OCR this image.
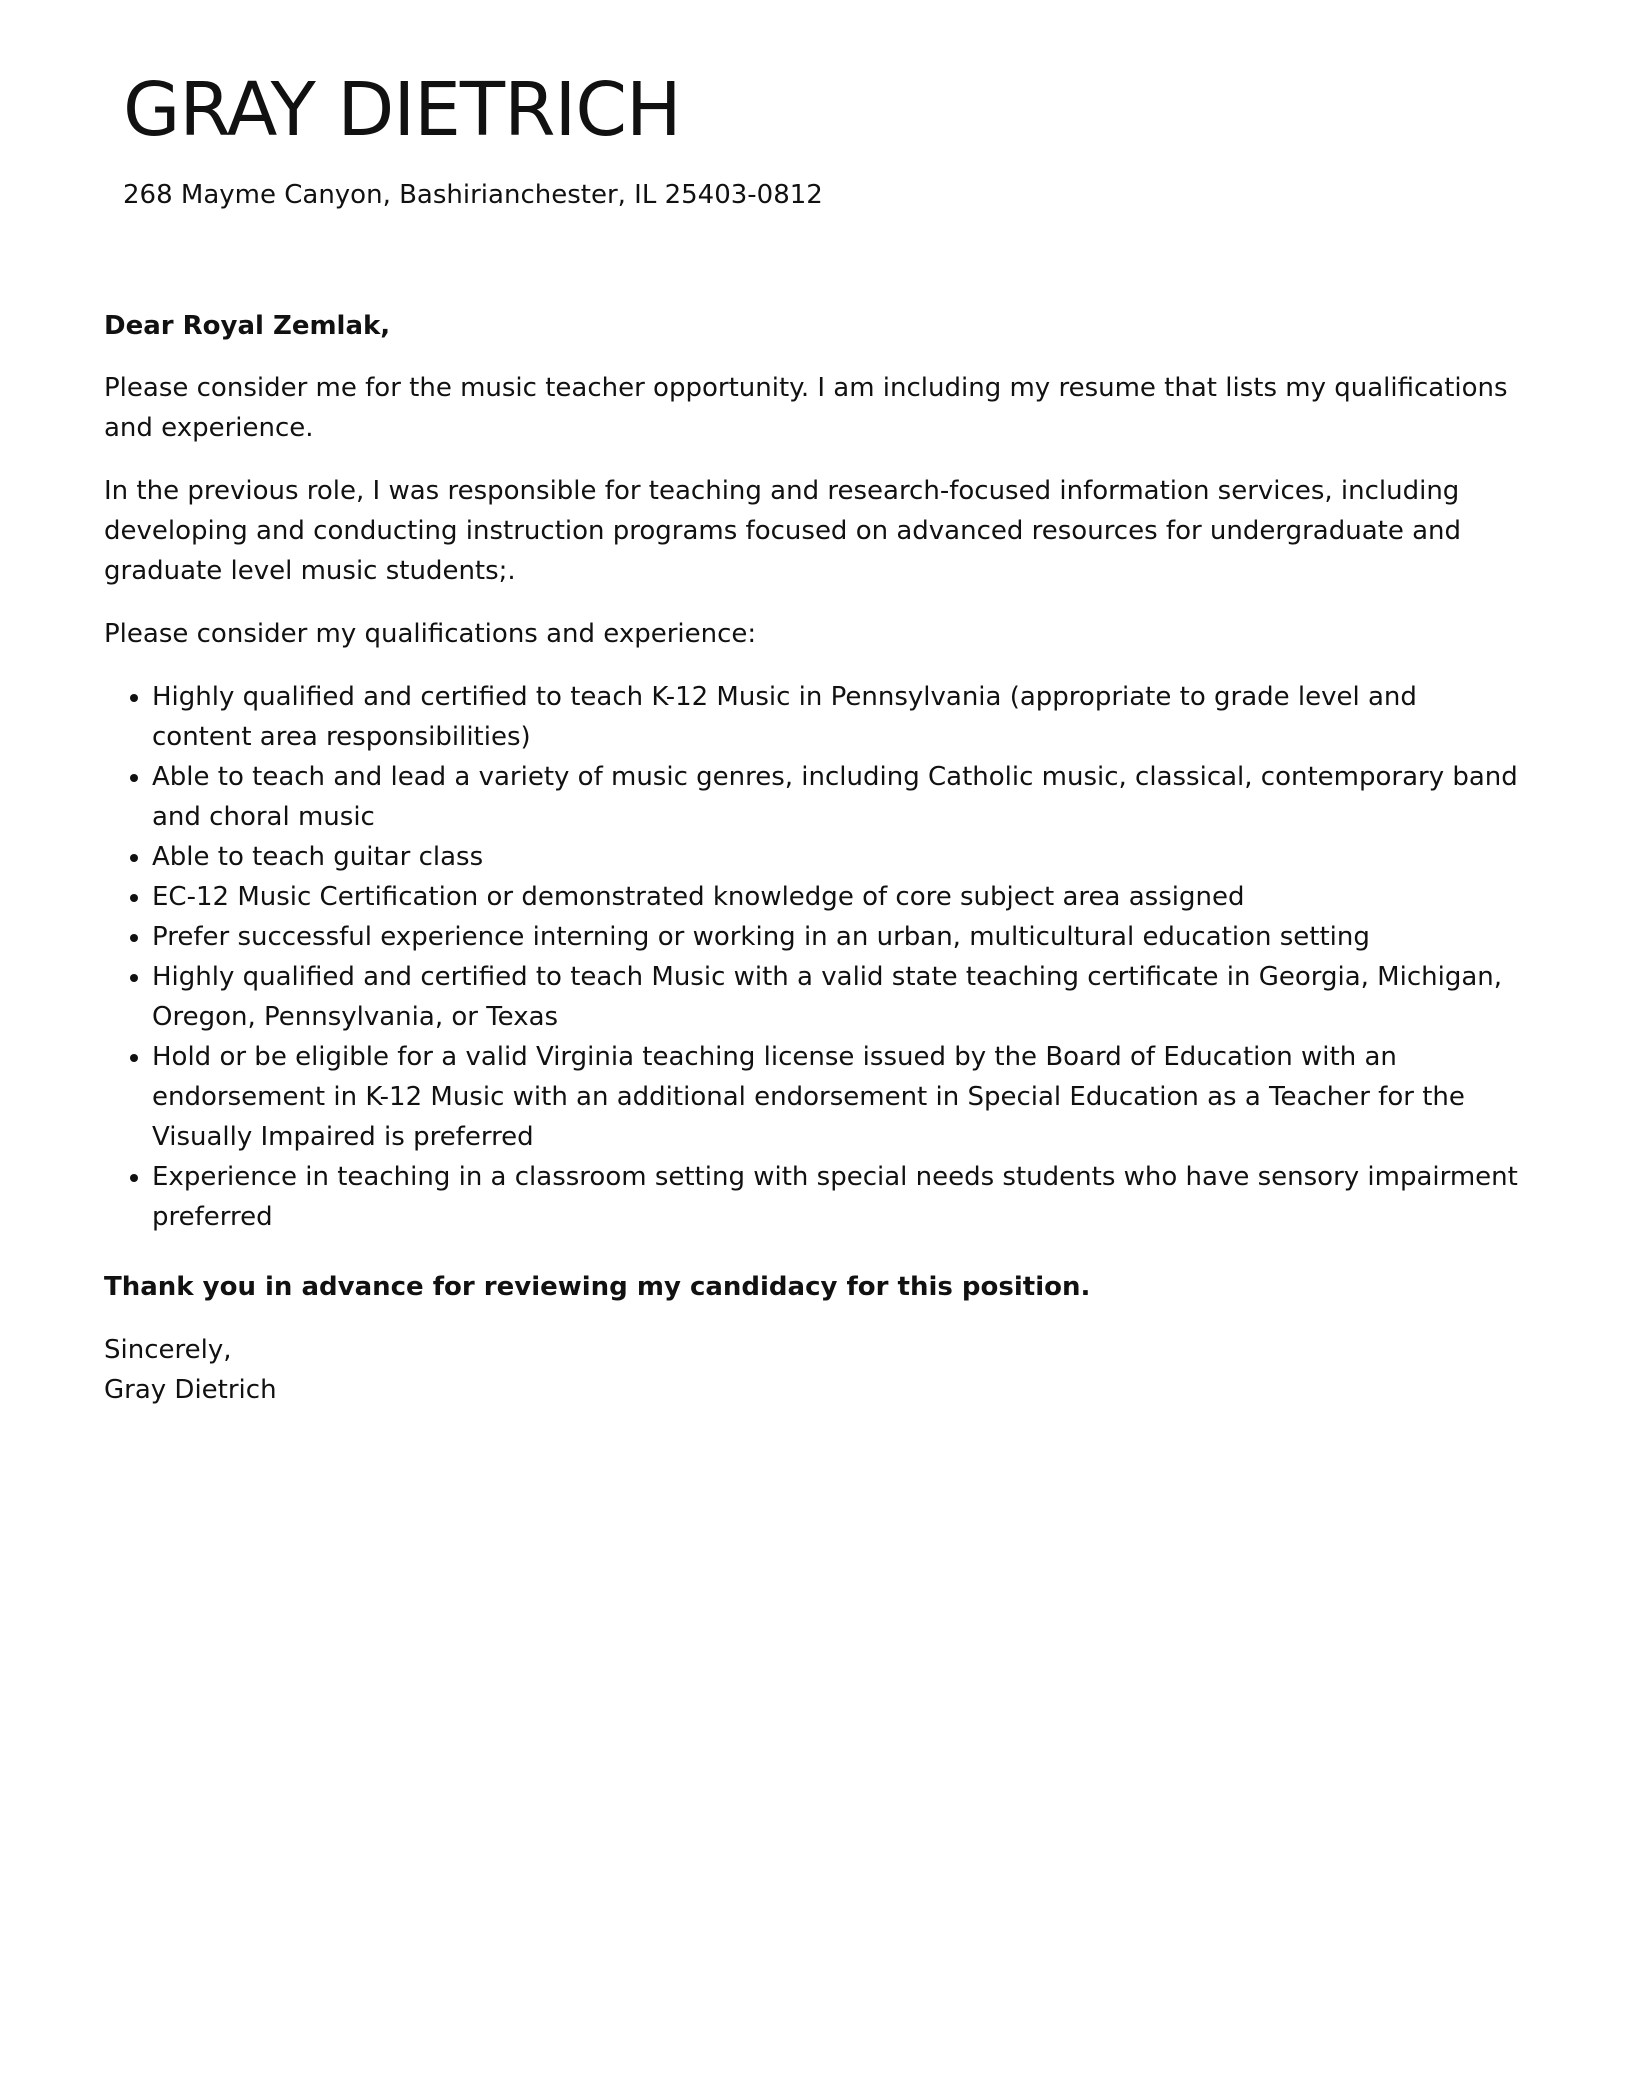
GRAY DIETRICH
268 Mayme Canyon, Bashirianchester, IL 25403-0812

Dear Royal Zemlak,

Please consider me for the music teacher opportunity. I am including my resume that lists my qualifications and experience.

In the previous role, I was responsible for teaching and research-focused information services, including developing and conducting instruction programs focused on advanced resources for undergraduate and graduate level music students;.

Please consider my qualifications and experience:

• Highly qualified and certified to teach K-12 Music in Pennsylvania (appropriate to grade level and content area responsibilities)
• Able to teach and lead a variety of music genres, including Catholic music, classical, contemporary band and choral music
• Able to teach guitar class
• EC-12 Music Certification or demonstrated knowledge of core subject area assigned
• Prefer successful experience interning or working in an urban, multicultural education setting
• Highly qualified and certified to teach Music with a valid state teaching certificate in Georgia, Michigan, Oregon, Pennsylvania, or Texas
• Hold or be eligible for a valid Virginia teaching license issued by the Board of Education with an endorsement in K-12 Music with an additional endorsement in Special Education as a Teacher for the Visually Impaired is preferred
• Experience in teaching in a classroom setting with special needs students who have sensory impairment preferred

Thank you in advance for reviewing my candidacy for this position.

Sincerely,
Gray Dietrich
